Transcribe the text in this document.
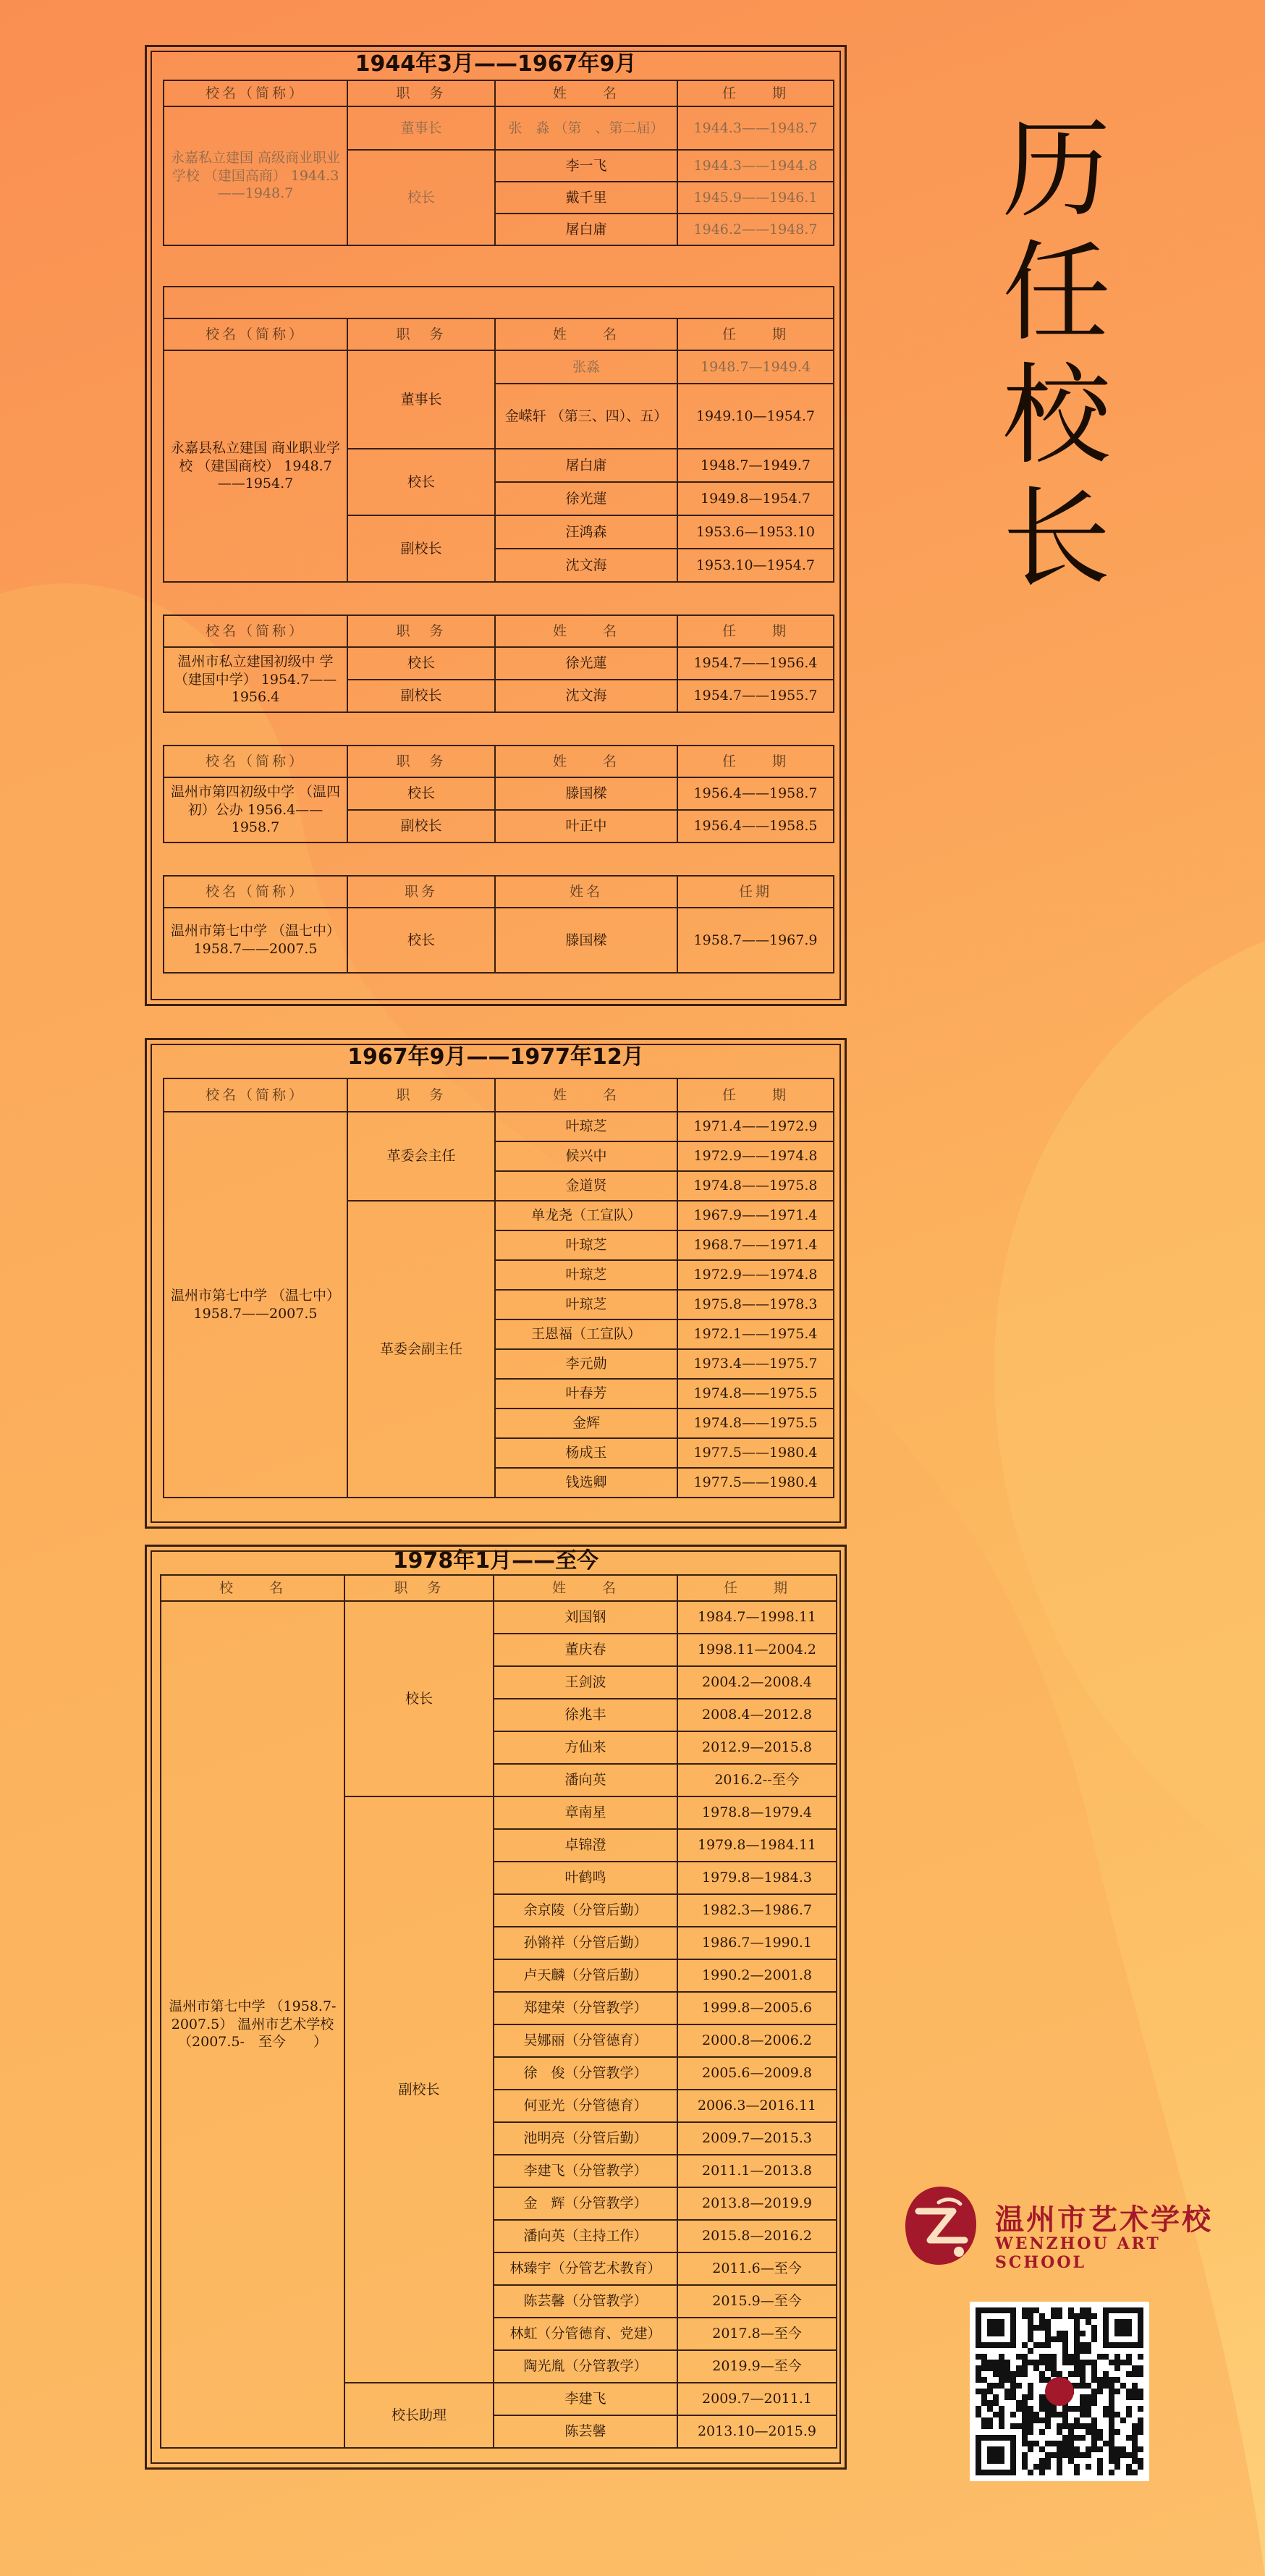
历
任
校
长
1944年3月——1967年9月
校名（简称）	职　务	姓　　名	任　　期
永嘉私立建国 高级商业职业学校 （建国高商） 1944.3——1948.7	董事长	张　淼 （第　、第二届）	1944.3——1948.7
	校长	李一飞	1944.3——1944.8
		戴千里	1945.9——1946.1
		屠白庸	1946.2——1948.7

校名（简称）	职　务	姓　　名	任　　期
永嘉县私立建国 商业职业学校 （建国商校） 1948.7——1954.7	董事长	张淼	1948.7—1949.4
		金嵘轩 （第三、四）、五）	1949.10—1954.7
	校长	屠白庸	1948.7—1949.7
		徐光蓮	1949.8—1954.7
	副校长	汪鸿森	1953.6—1953.10
		沈文海	1953.10—1954.7
校名（简称）	职　务	姓　　名	任　　期
温州市私立建国初级中 学　　（建国中学） 1954.7——1956.4	校长	徐光蓮	1954.7——1956.4
	副校长	沈文海	1954.7——1955.7
校名（简称）	职　务	姓　　名	任　　期
温州市第四初级中学 （温四初）公办 1956.4——1958.7	校长	滕国樑	1956.4——1958.7
	副校长	叶正中	1956.4——1958.5
校名（简称）	职务	姓名	任期
温州市第七中学 （温七中） 1958.7——2007.5	校长	滕国樑	1958.7——1967.9
1967年9月——1977年12月
校名（简称）	职　务	姓　　名	任　　期
温州市第七中学 （温七中） 1958.7——2007.5	革委会主任	叶琼芝	1971.4——1972.9
		候兴中	1972.9——1974.8
		金道贤	1974.8——1975.8
	革委会副主任	单龙尧（工宣队）	1967.9——1971.4
		叶琼芝	1968.7——1971.4
		叶琼芝	1972.9——1974.8
		叶琼芝	1975.8——1978.3
		王恩福（工宣队）	1972.1——1975.4
		李元勋	1973.4——1975.7
		叶春芳	1974.8——1975.5
		金辉	1974.8——1975.5
		杨成玉	1977.5——1980.4
		钱选卿	1977.5——1980.4
1978年1月——至今
校　　名	职　务	姓　　名	任　　期
温州市第七中学 （1958.7-2007.5） 温州市艺术学校 （2007.5-　至今　　）	校长	刘国钢	1984.7—1998.11
		董庆春	1998.11—2004.2
		王剑波	2004.2—2008.4
		徐兆丰	2008.4—2012.8
		方仙来	2012.9—2015.8
		潘向英	2016.2--至今
	副校长	章南星	1978.8—1979.4
		卓锦澄	1979.8—1984.11
		叶鹤鸣	1979.8—1984.3
		余京陵（分管后勤）	1982.3—1986.7
		孙锵祥（分管后勤）	1986.7—1990.1
		卢天麟（分管后勤）	1990.2—2001.8
		郑建荣（分管教学）	1999.8—2005.6
		吴娜丽（分管德育）	2000.8—2006.2
		徐　俊（分管教学）	2005.6—2009.8
		何亚光（分管德育）	2006.3—2016.11
		池明亮（分管后勤）	2009.7—2015.3
		李建飞（分管教学）	2011.1—2013.8
		金　辉（分管教学）	2013.8—2019.9
		潘向英（主持工作）	2015.8—2016.2
		林臻宇（分管艺术教育）	2011.6—至今
		陈芸馨（分管教学）	2015.9—至今
		林虹（分管德育、党建）	2017.8—至今
		陶光胤（分管教学）	2019.9—至今
	校长助理	李建飞	2009.7—2011.1
		陈芸馨	2013.10—2015.9
温州市艺术学校
WENZHOU ART SCHOOL
